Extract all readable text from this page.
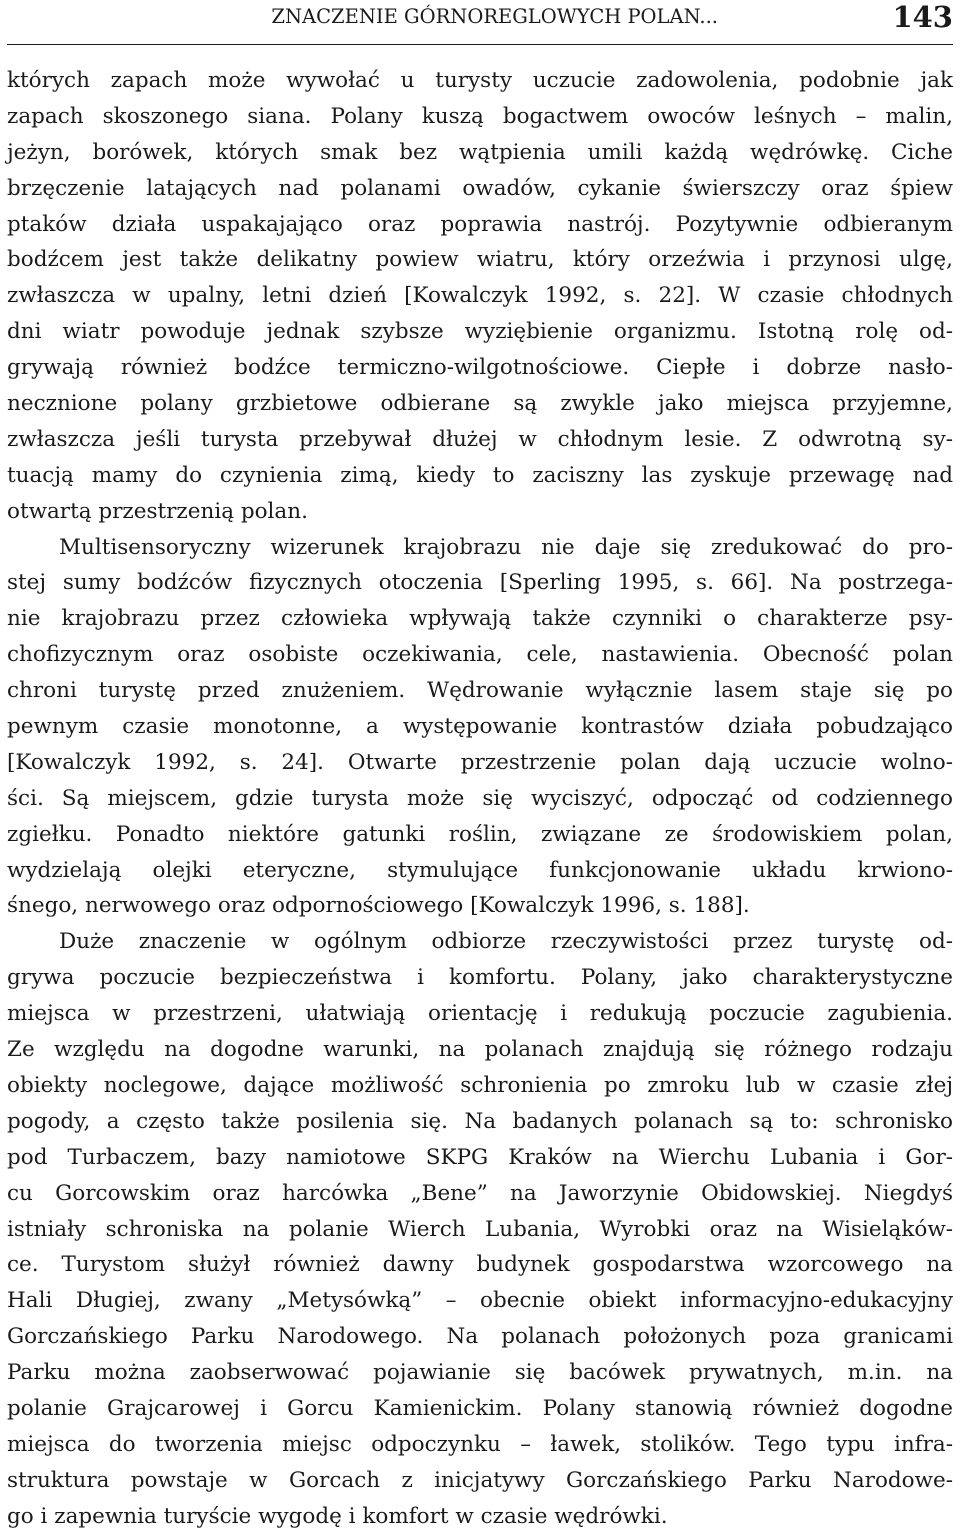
ZNACZENIE GÓRNOREGLOWYCH POLAN...	143
których zapach może wywołać u turysty uczucie zadowolenia, podobnie jak
zapach skoszonego siana. Polany kuszą bogactwem owoców leśnych – malin,
jeżyn, borówek, których smak bez wątpienia umili każdą wędrówkę. Ciche
brzęczenie latających nad polanami owadów, cykanie świerszczy oraz śpiew
ptaków działa uspakajająco oraz poprawia nastrój. Pozytywnie odbieranym
bodźcem jest także delikatny powiew wiatru, który orzeźwia i przynosi ulgę,
zwłaszcza w upalny, letni dzień [Kowalczyk 1992, s. 22]. W czasie chłodnych
dni wiatr powoduje jednak szybsze wyziębienie organizmu. Istotną rolę od-
grywają również bodźce termiczno-wilgotnościowe. Ciepłe i dobrze nasło-
necznione polany grzbietowe odbierane są zwykle jako miejsca przyjemne,
zwłaszcza jeśli turysta przebywał dłużej w chłodnym lesie. Z odwrotną sy-
tuacją mamy do czynienia zimą, kiedy to zaciszny las zyskuje przewagę nad
otwartą przestrzenią polan.
Multisensoryczny wizerunek krajobrazu nie daje się zredukować do pro-
stej sumy bodźców fizycznych otoczenia [Sperling 1995, s. 66]. Na postrzega-
nie krajobrazu przez człowieka wpływają także czynniki o charakterze psy-
chofizycznym oraz osobiste oczekiwania, cele, nastawienia. Obecność polan
chroni turystę przed znużeniem. Wędrowanie wyłącznie lasem staje się po
pewnym czasie monotonne, a występowanie kontrastów działa pobudzająco
[Kowalczyk 1992, s. 24]. Otwarte przestrzenie polan dają uczucie wolno-
ści. Są miejscem, gdzie turysta może się wyciszyć, odpocząć od codziennego
zgiełku. Ponadto niektóre gatunki roślin, związane ze środowiskiem polan,
wydzielają olejki eteryczne, stymulujące funkcjonowanie układu krwiono-
śnego, nerwowego oraz odpornościowego [Kowalczyk 1996, s. 188].
Duże znaczenie w ogólnym odbiorze rzeczywistości przez turystę od-
grywa poczucie bezpieczeństwa i komfortu. Polany, jako charakterystyczne
miejsca w przestrzeni, ułatwiają orientację i redukują poczucie zagubienia.
Ze względu na dogodne warunki, na polanach znajdują się różnego rodzaju
obiekty noclegowe, dające możliwość schronienia po zmroku lub w czasie złej
pogody, a często także posilenia się. Na badanych polanach są to: schronisko
pod Turbaczem, bazy namiotowe SKPG Kraków na Wierchu Lubania i Gor-
cu Gorcowskim oraz harcówka „Bene” na Jaworzynie Obidowskiej. Niegdyś
istniały schroniska na polanie Wierch Lubania, Wyrobki oraz na Wisieląków-
ce. Turystom służył również dawny budynek gospodarstwa wzorcowego na
Hali Długiej, zwany „Metysówką” – obecnie obiekt informacyjno-edukacyjny
Gorczańskiego Parku Narodowego. Na polanach położonych poza granicami
Parku można zaobserwować pojawianie się bacówek prywatnych, m.in. na
polanie Grajcarowej i Gorcu Kamienickim. Polany stanowią również dogodne
miejsca do tworzenia miejsc odpoczynku – ławek, stolików. Tego typu infra-
struktura powstaje w Gorcach z inicjatywy Gorczańskiego Parku Narodowe-
go i zapewnia turyście wygodę i komfort w czasie wędrówki.
